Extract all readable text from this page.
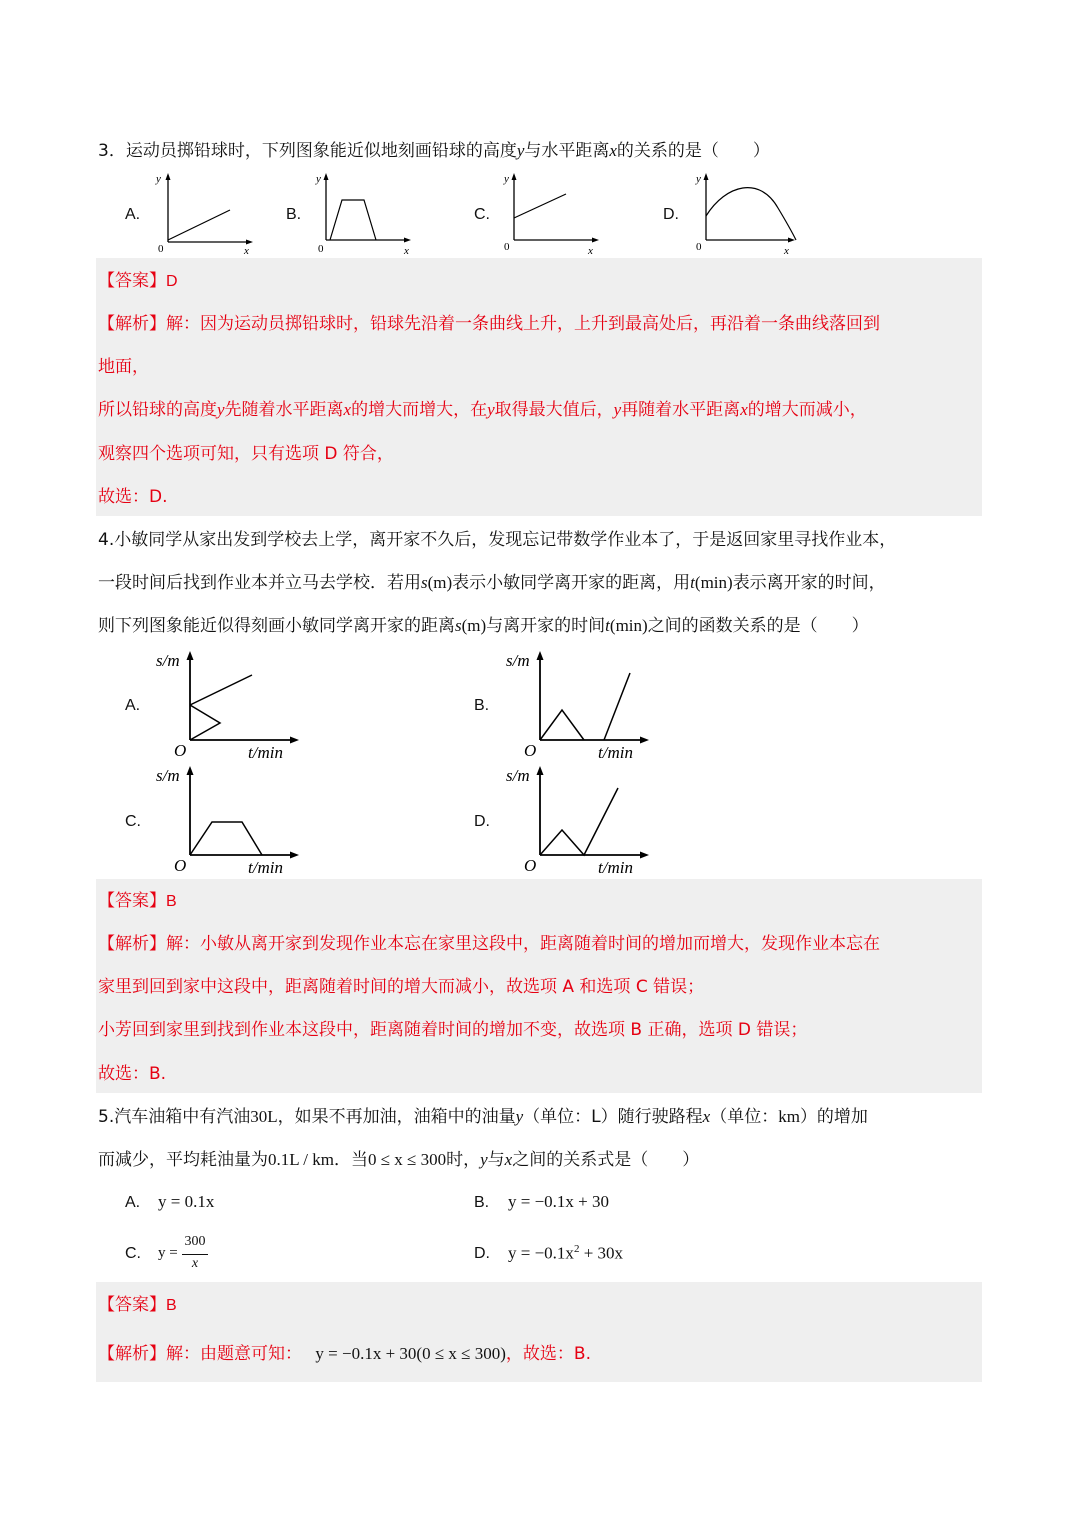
3．运动员掷铅球时，下列图象能近似地刻画铅球的高度y与水平距离x的关系的是（　　）
A.	B.	C.	D.
y
x
0
y
x
0
y
x
0
y
x
0
【答案】D
【解析】解：因为运动员掷铅球时，铅球先沿着一条曲线上升，上升到最高处后，再沿着一条曲线落回到
地面，
所以铅球的高度y先随着水平距离x的增大而增大，在y取得最大值后，y再随着水平距离x的增大而减小，
观察四个选项可知，只有选项 D 符合，
故选：D.
4.小敏同学从家出发到学校去上学，离开家不久后，发现忘记带数学作业本了，于是返回家里寻找作业本，
一段时间后找到作业本并立马去学校．若用s(m)表示小敏同学离开家的距离，用t(min)表示离开家的时间，
则下列图象能近似得刻画小敏同学离开家的距离s(m)与离开家的时间t(min)之间的函数关系的是（　　）
A.	B.
C.	D.
s/m
t/min
O
s/m
t/min
O
s/m
t/min
O
s/m
t/min
O
【答案】B
【解析】解：小敏从离开家到发现作业本忘在家里这段中，距离随着时间的增加而增大，发现作业本忘在
家里到回到家中这段中，距离随着时间的增大而减小，故选项 A 和选项 C 错误；
小芳回到家里到找到作业本这段中，距离随着时间的增加不变，故选项 B 正确，选项 D 错误；
故选：B.
5.汽车油箱中有汽油30L，如果不再加油，油箱中的油量y（单位：L）随行驶路程x（单位：km）的增加
而减少，平均耗油量为0.1L / km．当0 ≤ x ≤ 300时，y与x之间的关系式是（　　）
A. y = 0.1x	B. y = −0.1x + 30
C. y =
300
x
D. $y = -0.1x^2 + 30x$
【答案】B
【解析】解：由题意可知： y = −0.1x + 30(0 ≤ x ≤ 300)，故选：B.
